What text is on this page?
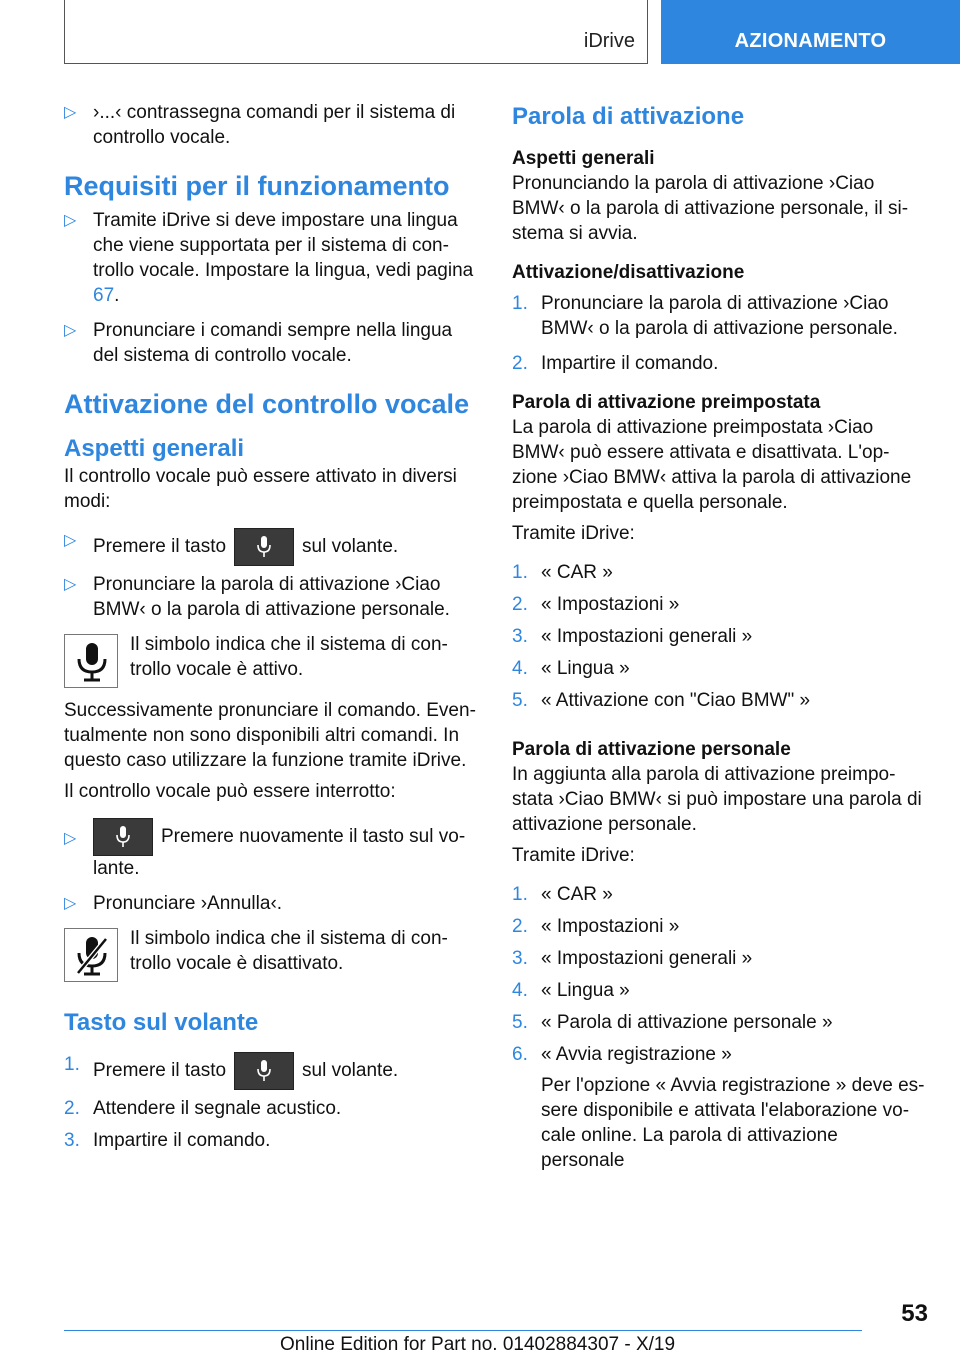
iDrive	AZIONAMENTO
▷ ›...‹ contrassegna comandi per il sistema di controllo vocale.
Requisiti per il funzionamento
▷ Tramite iDrive si deve impostare una lingua che viene supportata per il sistema di controllo vocale. Impostare la lingua, vedi pagina 67.
▷ Pronunciare i comandi sempre nella lingua del sistema di controllo vocale.
Attivazione del controllo vocale
Aspetti generali

Il controllo vocale può essere attivato in diversi modi:

▷ Premere il tasto	sul volante.
▷ Pronunciare la parola di attivazione ›Ciao BMW‹ o la parola di attivazione personale.

Il simbolo indica che il sistema di controllo vocale è attivo.

Successivamente pronunciare il comando. Eventualmente non sono disponibili altri comandi. In questo caso utilizzare la funzione tramite iDrive.

Il controllo vocale può essere interrotto:

▷	Premere nuovamente il tasto sul volante.
▷ Pronunciare ›Annulla‹.

Il simbolo indica che il sistema di controllo vocale è disattivato.

Tasto sul volante
1. Premere il tasto	sul volante.
2. Attendere il segnale acustico.
3. Impartire il comando.
Parola di attivazione
Aspetti generali

Pronunciando la parola di attivazione ›Ciao BMW‹ o la parola di attivazione personale, il sistema si avvia.

Attivazione/disattivazione
1. Pronunciare la parola di attivazione ›Ciao BMW‹ o la parola di attivazione personale.
2. Impartire il comando.
Parola di attivazione preimpostata

La parola di attivazione preimpostata ›Ciao BMW‹ può essere attivata e disattivata. L'opzione ›Ciao BMW‹ attiva la parola di attivazione preimpostata e quella personale.

Tramite iDrive:

1. « CAR »
2. « Impostazioni »
3. « Impostazioni generali »
4. « Lingua »
5. « Attivazione con "Ciao BMW" »
Parola di attivazione personale

In aggiunta alla parola di attivazione preimpostata ›Ciao BMW‹ si può impostare una parola di attivazione personale.

Tramite iDrive:

1. « CAR »
2. « Impostazioni »
3. « Impostazioni generali »
4. « Lingua »
5. « Parola di attivazione personale »
6. « Avvia registrazione »

Per l'opzione « Avvia registrazione » deve essere disponibile e attivata l'elaborazione vocale online. La parola di attivazione personale

53
Online Edition for Part no. 01402884307 - X/19
